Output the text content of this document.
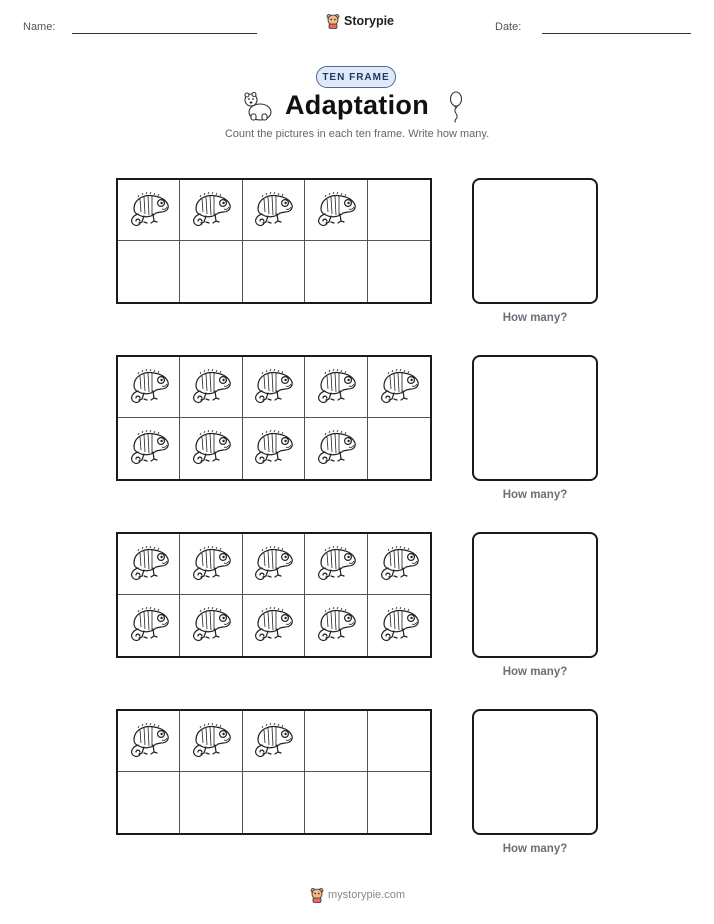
Name:	Storypie	Date:
TEN FRAME
Adaptation
Count the pictures in each ten frame. Write how many.
How many?
How many?
How many?
How many?
mystorypie.com
